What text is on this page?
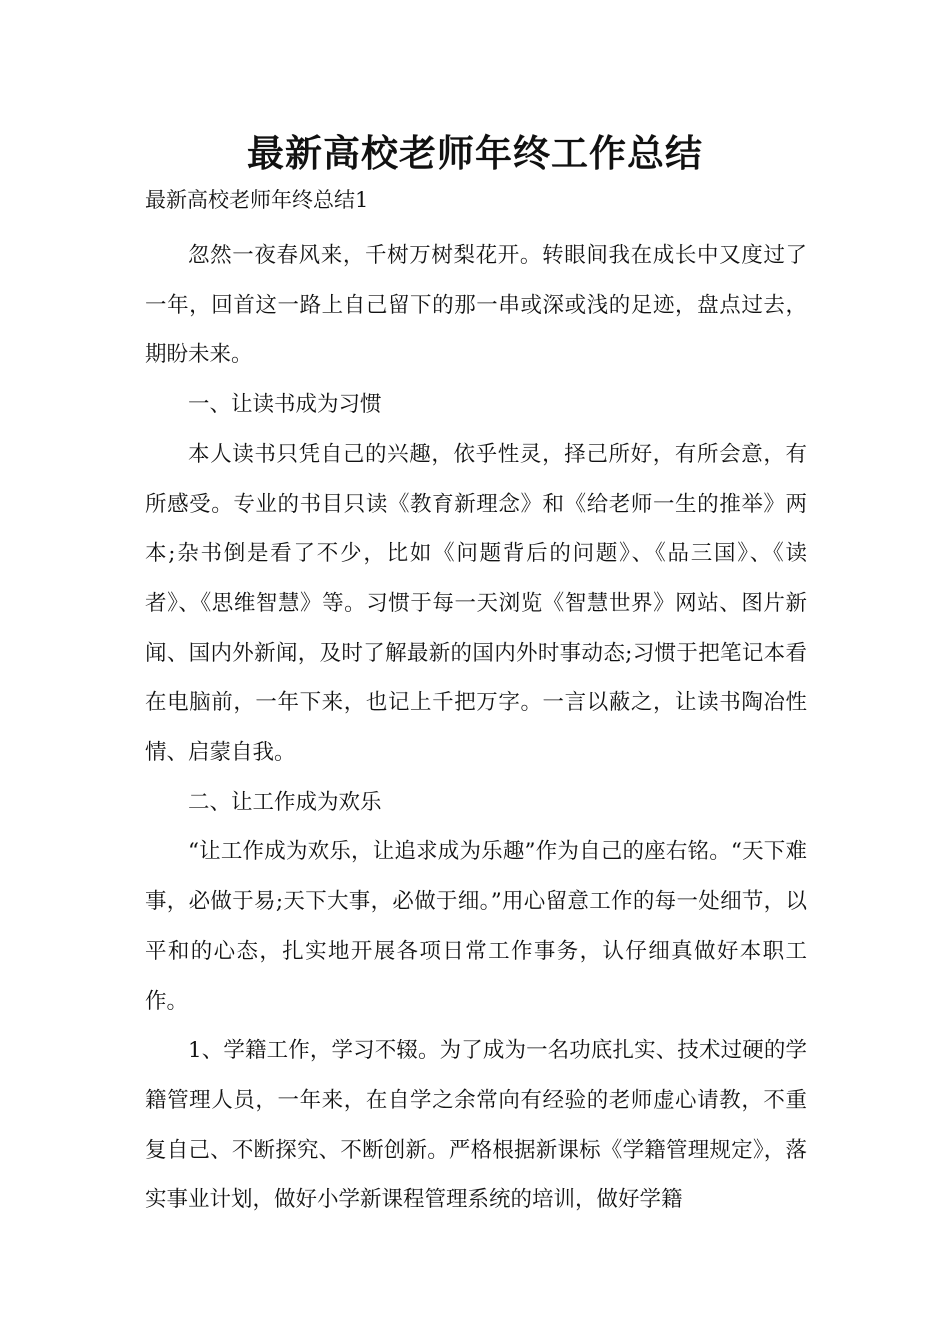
最新高校老师年终工作总结
最新高校老师年终总结1

忽然一夜春风来，千树万树梨花开。转眼间我在成长中又度过了一年，回首这一路上自己留下的那一串或深或浅的足迹，盘点过去，期盼未来。

一、让读书成为习惯

本人读书只凭自己的兴趣，依乎性灵，择己所好，有所会意，有所感受。专业的书目只读《教育新理念》和《给老师一生的推举》两本;杂书倒是看了不少，比如《问题背后的问题》、《品三国》、《读者》、《思维智慧》等。习惯于每一天浏览《智慧世界》网站、图片新闻、国内外新闻，及时了解最新的国内外时事动态;习惯于把笔记本看在电脑前，一年下来，也记上千把万字。一言以蔽之，让读书陶冶性情、启蒙自我。

二、让工作成为欢乐

“让工作成为欢乐，让追求成为乐趣”作为自己的座右铭。“天下难事，必做于易;天下大事，必做于细。”用心留意工作的每一处细节，以平和的心态，扎实地开展各项日常工作事务，认仔细真做好本职工作。

1、学籍工作，学习不辍。为了成为一名功底扎实、技术过硬的学籍管理人员，一年来，在自学之余常向有经验的老师虚心请教，不重复自己、不断探究、不断创新。严格根据新课标《学籍管理规定》，落实事业计划，做好小学新课程管理系统的培训，做好学籍
